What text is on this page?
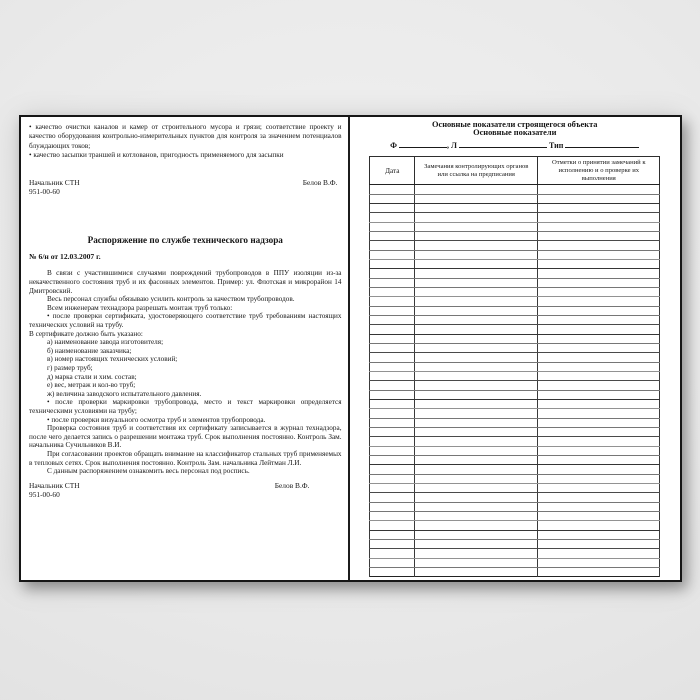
• качество очистки каналов и камер от строительного мусора и грязи; соответствие проекту и качество оборудования контрольно-измерительных пунктов для контроля за значением потенциалов блуждающих токов;

• качество засыпки траншей и котлованов, пригодность применяемого для засыпки

Начальник СТН	Белов В.Ф.
951-00-60
Распоряжение по службе технического надзора
№ 6/н от 12.03.2007 г.

В связи с участившимися случаями повреждений трубопроводов в ППУ изоляции из-за некачественного состояния труб и их фасонных элементов. Пример: ул. Флотская и микрорайон 14 Дмитровский.

Весь персонал службы обязываю усилить контроль за качеством трубопроводов.

Всем инженерам технадзора разрешать монтаж труб только:

• после проверки сертификата, удостоверяющего соответствие труб требованиям настоящих технических условий на трубу.

В сертификате должно быть указано:

а) наименование завода изготовителя;

б) наименование заказчика;

в) номер настоящих технических условий;

г) размер труб;

д) марка стали и хим. состав;

е) вес, метраж и кол-во труб;

ж) величина заводского испытательного давления.

• после проверки маркировки трубопровода, место и текст маркировки определяется техническими условиями на трубу;

• после проверки визуального осмотра труб и элементов трубопровода.

Проверка состояния труб и соответствия их сертификату записывается в журнал технадзора, после чего делается запись о разрешении монтажа труб. Срок выполнения постоянно. Контроль Зам. начальника Сучильников В.И.

При согласовании проектов обращать внимание на классификатор стальных труб применяемых в тепловых сетях. Срок выполнения постоянно. Контроль Зам. начальника Лейтман Л.И.

С данным распоряжением ознакомить весь персонал под роспись.

Начальник СТН	Белов В.Ф.
951-00-60
Основные показатели строящегося объекта
Основные показатели
Ф	, Л	Тип
Дата	Замечания контролирующих органов или ссылка на предписания	Отметки о принятии замечаний к исполнению и о проверке их выполнения
